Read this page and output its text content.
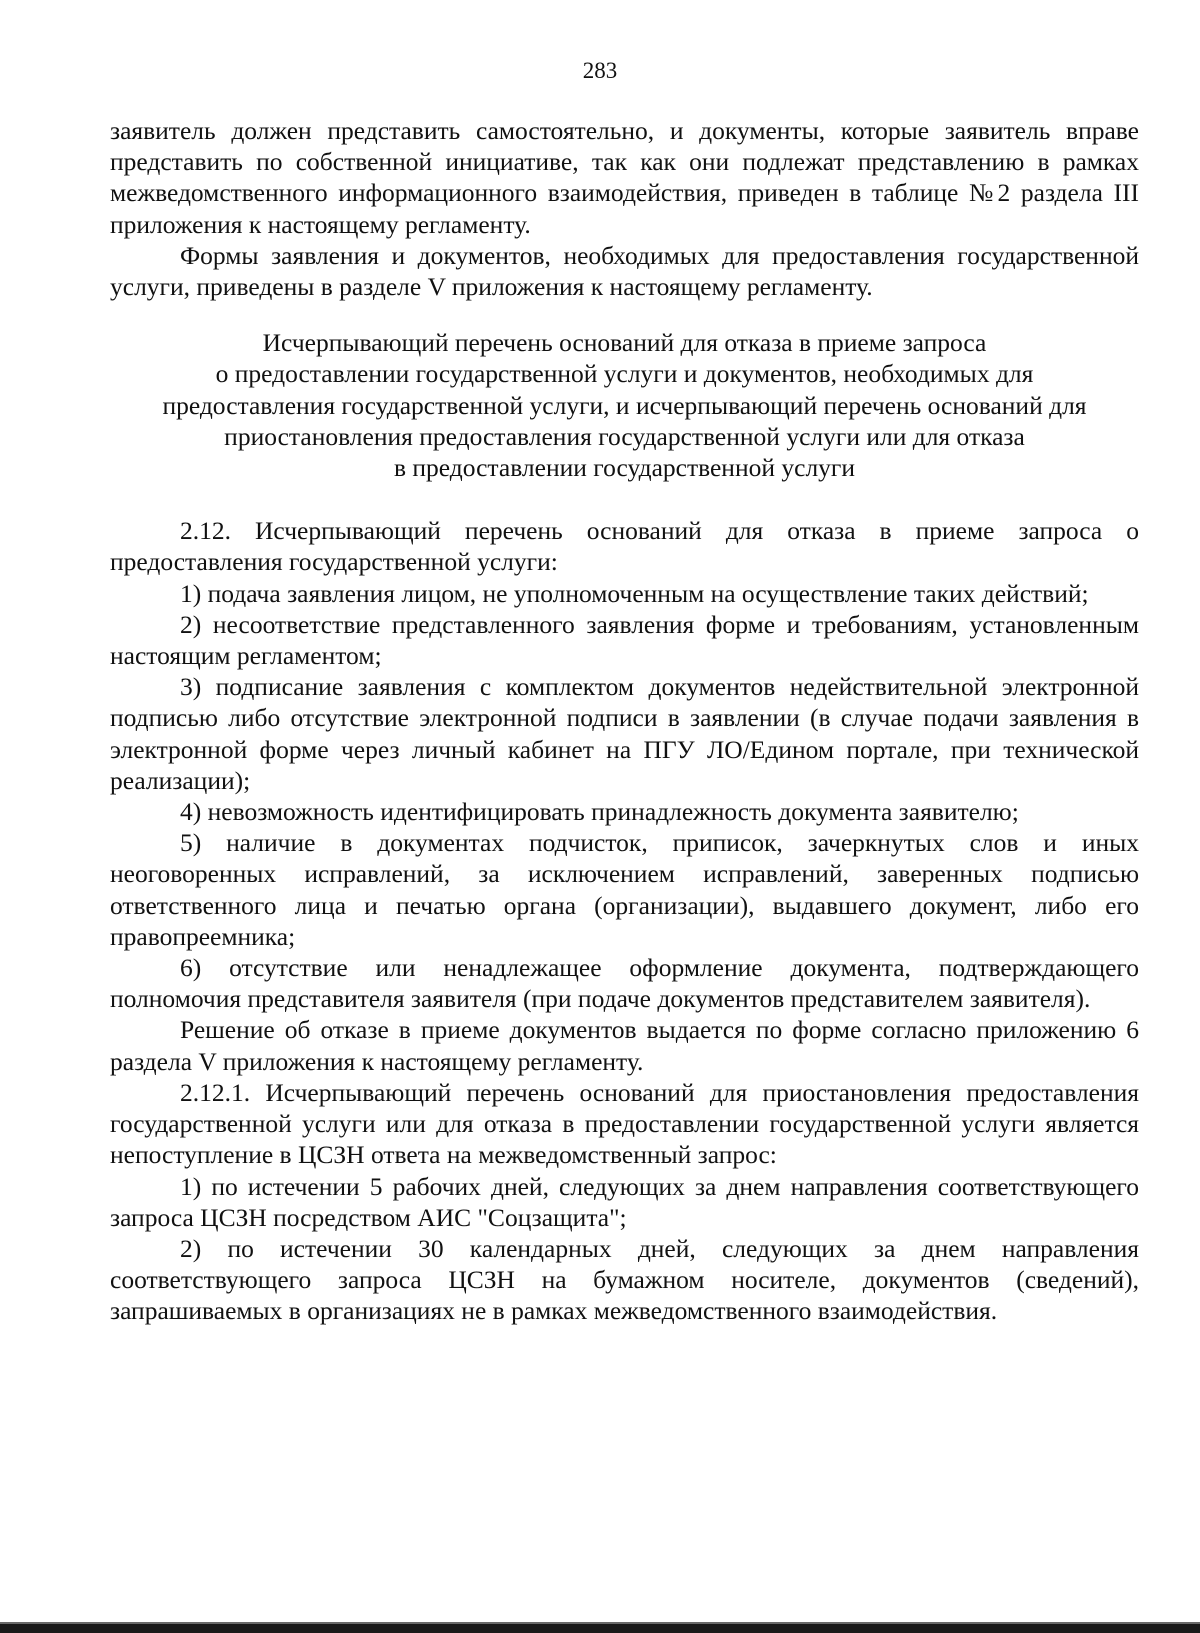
283

заявитель должен представить самостоятельно, и документы, которые заявитель вправе представить по собственной инициативе, так как они подлежат представлению в рамках межведомственного информационного взаимодействия, приведен в таблице №2 раздела III приложения к настоящему регламенту.

Формы заявления и документов, необходимых для предоставления государственной услуги, приведены в разделе V приложения к настоящему регламенту.

Исчерпывающий перечень оснований для отказа в приеме запроса
о предоставлении государственной услуги и документов, необходимых для
предоставления государственной услуги, и исчерпывающий перечень оснований для
приостановления предоставления государственной услуги или для отказа
в предоставлении государственной услуги

2.12. Исчерпывающий перечень оснований для отказа в приеме запроса о предоставления государственной услуги:

1) подача заявления лицом, не уполномоченным на осуществление таких действий;

2) несоответствие представленного заявления форме и требованиям, установленным настоящим регламентом;

3) подписание заявления с комплектом документов недействительной электронной подписью либо отсутствие электронной подписи в заявлении (в случае подачи заявления в электронной форме через личный кабинет на ПГУ ЛО/Едином портале, при технической реализации);

4) невозможность идентифицировать принадлежность документа заявителю;

5) наличие в документах подчисток, приписок, зачеркнутых слов и иных неоговоренных исправлений, за исключением исправлений, заверенных подписью ответственного лица и печатью органа (организации), выдавшего документ, либо его правопреемника;

6) отсутствие или ненадлежащее оформление документа, подтверждающего полномочия представителя заявителя (при подаче документов представителем заявителя).

Решение об отказе в приеме документов выдается по форме согласно приложению 6 раздела V приложения к настоящему регламенту.

2.12.1. Исчерпывающий перечень оснований для приостановления предоставления государственной услуги или для отказа в предоставлении государственной услуги является непоступление в ЦСЗН ответа на межведомственный запрос:

1) по истечении 5 рабочих дней, следующих за днем направления соответствующего запроса ЦСЗН посредством АИС "Соцзащита";

2) по истечении 30 календарных дней, следующих за днем направления соответствующего запроса ЦСЗН на бумажном носителе, документов (сведений), запрашиваемых в организациях не в рамках межведомственного взаимодействия.
